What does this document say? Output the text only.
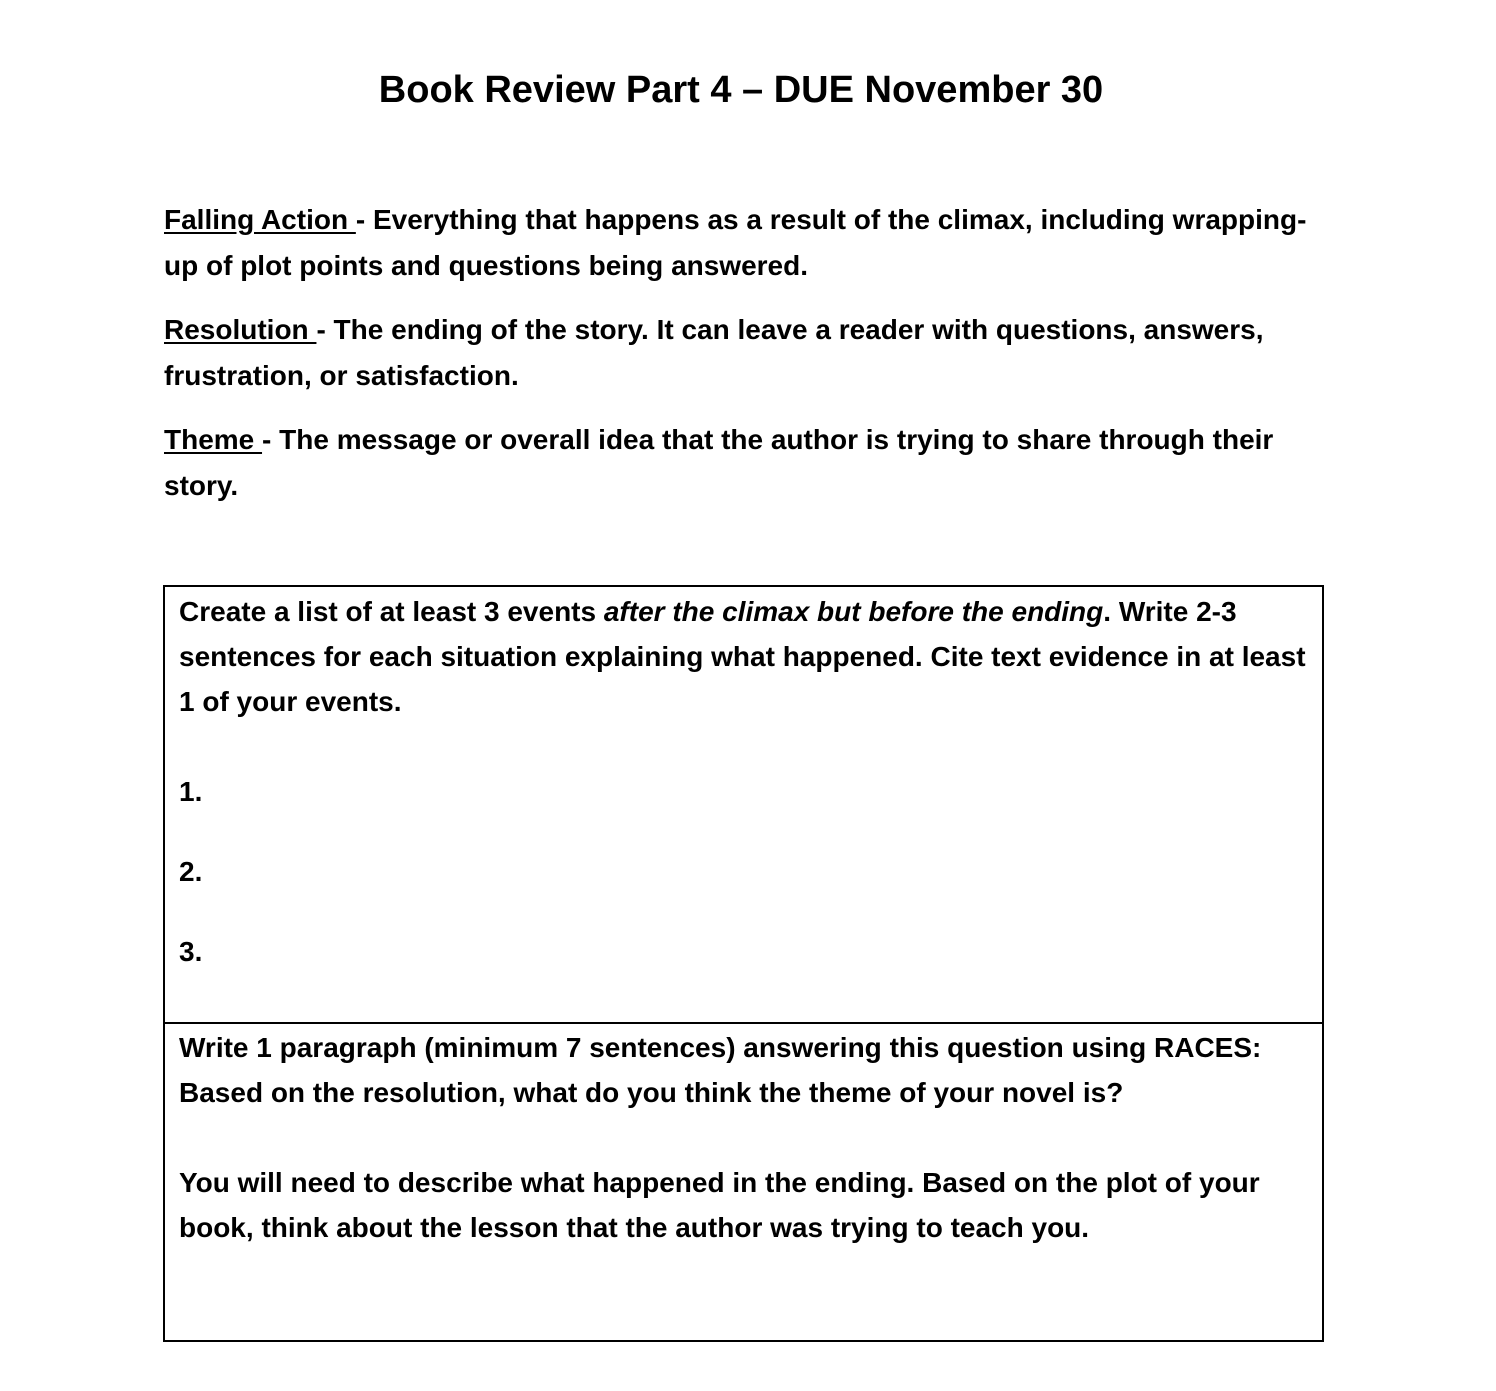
Book Review Part 4 – DUE November 30

Falling Action - Everything that happens as a result of the climax, including wrapping-up of plot points and questions being answered.

Resolution - The ending of the story. It can leave a reader with questions, answers, frustration, or satisfaction.

Theme - The message or overall idea that the author is trying to share through their story.

Create a list of at least 3 events after the climax but before the ending. Write 2-3 sentences for each situation explaining what happened. Cite text evidence in at least 1 of your events.

1.

2.

3.

Write 1 paragraph (minimum 7 sentences) answering this question using RACES: Based on the resolution, what do you think the theme of your novel is?

You will need to describe what happened in the ending. Based on the plot of your book, think about the lesson that the author was trying to teach you.
